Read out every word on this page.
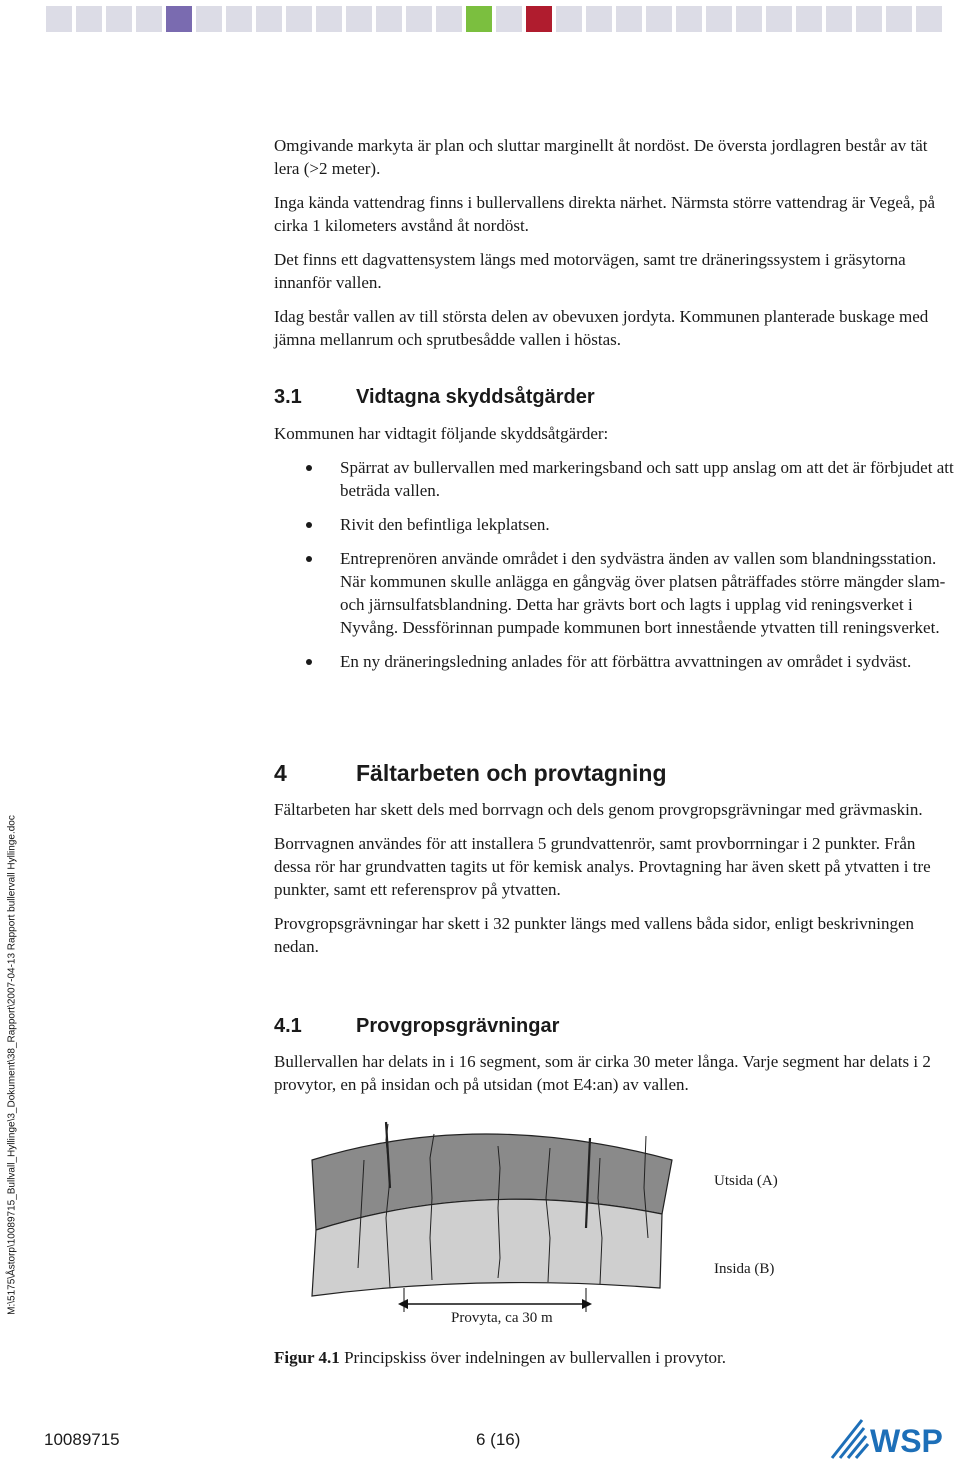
Omgivande markyta är plan och sluttar marginellt åt nordöst. De översta jordlagren består av tät lera (>2 meter).

Inga kända vattendrag finns i bullervallens direkta närhet. Närmsta större vattendrag är Vegeå, på cirka 1 kilometers avstånd åt nordöst.

Det finns ett dagvattensystem längs med motorvägen, samt tre dräneringssystem i gräsytorna innanför vallen.

Idag består vallen av till största delen av obevuxen jordyta. Kommunen planterade buskage med jämna mellanrum och sprutbesådde vallen i höstas.

3.1	Vidtagna skyddsåtgärder
Kommunen har vidtagit följande skyddsåtgärder:
Spärrat av bullervallen med markeringsband och satt upp anslag om att det är förbjudet att beträda vallen.
Rivit den befintliga lekplatsen.
Entreprenören använde området i den sydvästra änden av vallen som blandningsstation. När kommunen skulle anlägga en gångväg över platsen påträffades större mängder slam- och järnsulfatsblandning. Detta har grävts bort och lagts i upplag vid reningsverket i Nyvång. Dessförinnan pumpade kommunen bort innestående ytvatten till reningsverket.
En ny dräneringsledning anlades för att förbättra avvattningen av området i sydväst.
4	Fältarbeten och provtagning

Fältarbeten har skett dels med borrvagn och dels genom provgropsgrävningar med grävmaskin.

Borrvagnen användes för att installera 5 grundvattenrör, samt provborrningar i 2 punkter. Från dessa rör har grundvatten tagits ut för kemisk analys. Provtagning har även skett på ytvatten i tre punkter, samt ett referensprov på ytvatten.

Provgropsgrävningar har skett i 32 punkter längs med vallens båda sidor, enligt beskrivningen nedan.

4.1	Provgropsgrävningar
Bullervallen har delats in i 16 segment, som är cirka 30 meter långa. Varje segment har delats i 2 provytor, en på insidan och på utsidan (mot E4:an) av vallen.
M:\5175\Åstorp\10089715_Bullvall_Hyllinge\3_Dokument\38_Rapport\2007-04-13 Rapport bullervall Hyllinge.doc	Utsida (A)
Insida (B)
Provyta, ca 30 m
Figur 4.1 Principskiss över indelningen av bullervallen i provytor.
10089715	6 (16)	WSP
